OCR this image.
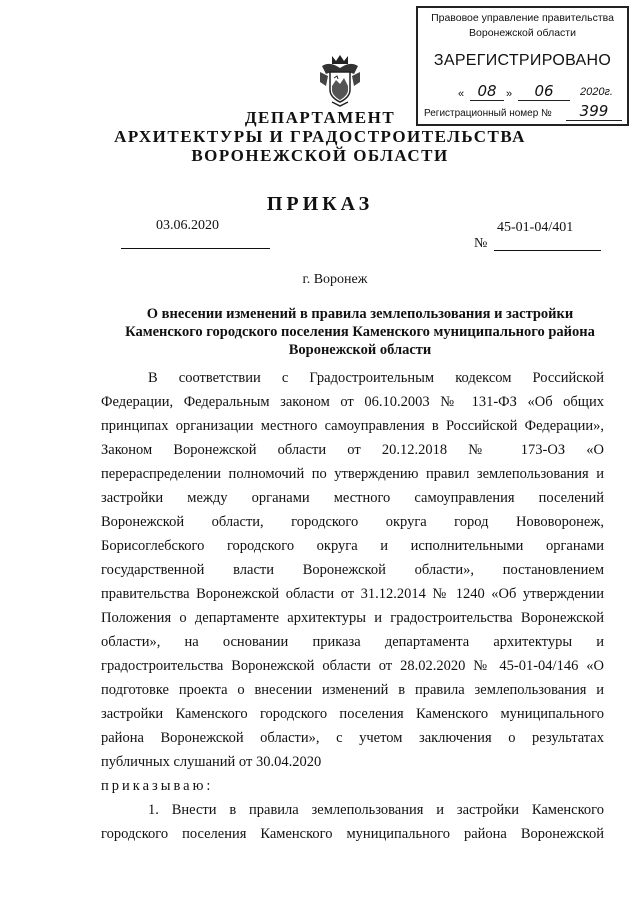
Правовое управление правительства
Воронежской области
ЗАРЕГИСТРИРОВАНО
« 08 »	06	2020г.
Регистрационный номер №	399
ДЕПАРТАМЕНТ
АРХИТЕКТУРЫ И ГРАДОСТРОИТЕЛЬСТВА
ВОРОНЕЖСКОЙ ОБЛАСТИ
ПРИКАЗ
03.06.2020
№
45-01-04/401
г. Воронеж
О внесении изменений в правила землепользования и застройки
Каменского городского поселения Каменского муниципального района
Воронежской области
В соответствии с Градостроительным кодексом Российской
Федерации, Федеральным законом от 06.10.2003 № 131-ФЗ «Об общих
принципах организации местного самоуправления в Российской Федерации»,
Законом Воронежской области от 20.12.2018 № 173-ОЗ «О
перераспределении полномочий по утверждению правил землепользования и
застройки между органами местного самоуправления поселений
Воронежской области, городского округа город Нововоронеж,
Борисоглебского городского округа и исполнительными органами
государственной власти Воронежской области», постановлением
правительства Воронежской области от 31.12.2014 № 1240 «Об утверждении
Положения о департаменте архитектуры и градостроительства Воронежской
области», на основании приказа департамента архитектуры и
градостроительства Воронежской области от 28.02.2020 № 45-01-04/146 «О
подготовке проекта о внесении изменений в правила землепользования и
застройки Каменского городского поселения Каменского муниципального
района Воронежской области», с учетом заключения о результатах
публичных слушаний от 30.04.2020
приказываю:
1. Внести в правила землепользования и застройки Каменского
городского поселения Каменского муниципального района Воронежской
